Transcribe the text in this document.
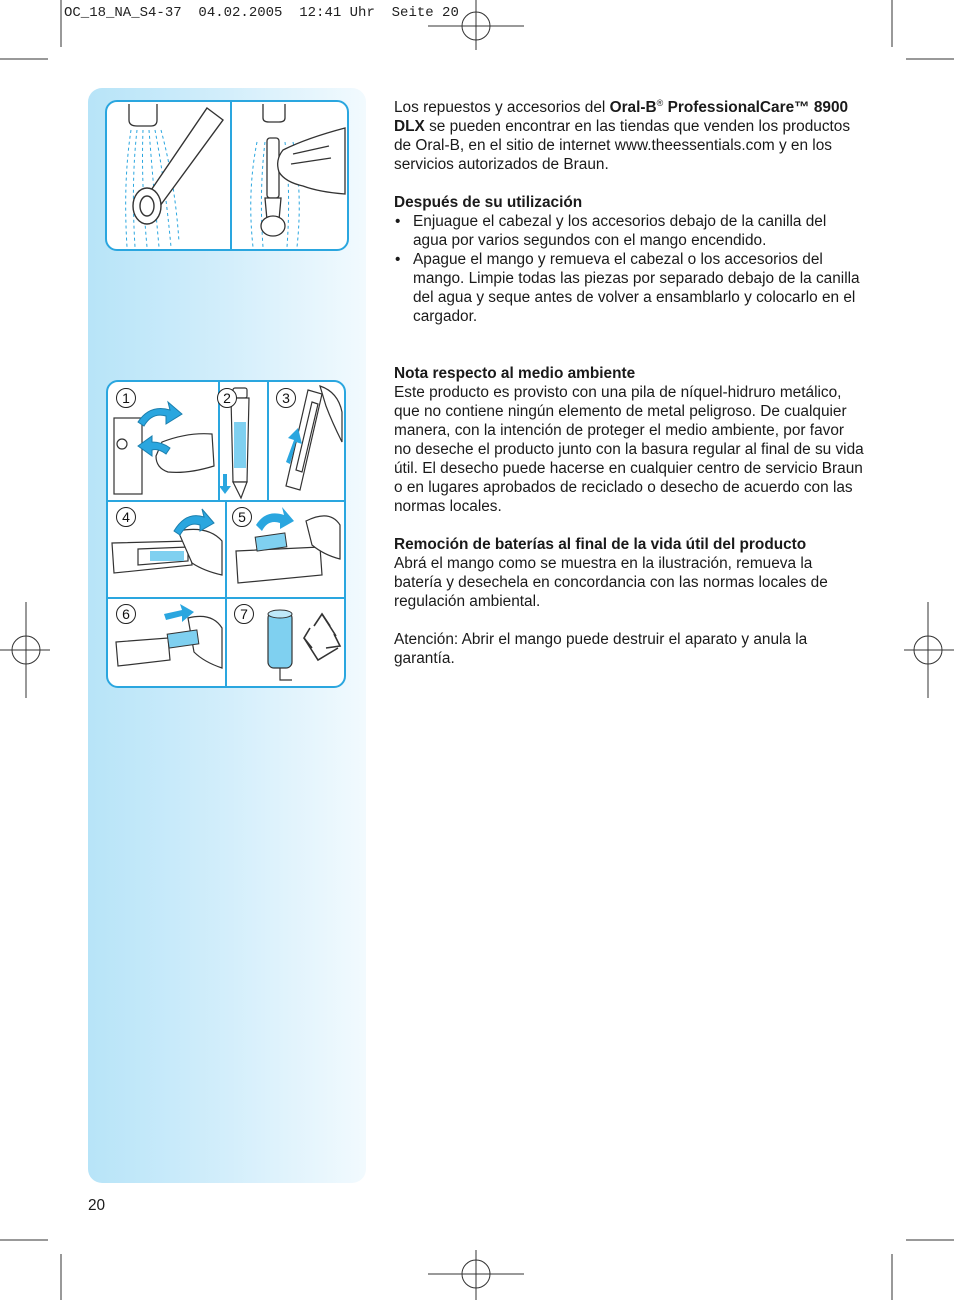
OC_18_NA_S4-37  04.02.2005  12:41 Uhr  Seite 20
1	2	3
4	5
6	7

Los repuestos y accesorios del Oral-B® ProfessionalCare™ 8900 DLX se pueden encontrar en las tiendas que venden los productos de Oral-B, en el sitio de internet www.theessentials.com y en los servicios autorizados de Braun.

Después de su utilización

• Enjuague el cabezal y los accesorios debajo de la canilla del agua por varios segundos con el mango encendido.
• Apague el mango y remueva el cabezal o los accesorios del mango. Limpie todas las piezas por separado debajo de la canilla del agua y seque antes de volver a ensamblarlo y colocarlo en el cargador.

Nota respecto al medio ambiente

Este producto es provisto con una pila de níquel-hidruro metálico, que no contiene ningún elemento de metal peligroso. De cualquier manera, con la intención de proteger el medio ambiente, por favor no deseche el producto junto con la basura regular al final de su vida útil. El desecho puede hacerse en cualquier centro de servicio Braun o en lugares aprobados de reciclado o desecho de acuerdo con las normas locales.

Remoción de baterías al final de la vida útil del producto

Abrá el mango como se muestra en la ilustración, remueva la batería y desechela en concordancia con las normas locales de regulación ambiental.

Atención: Abrir el mango puede destruir el aparato y anula la garantía.

20
